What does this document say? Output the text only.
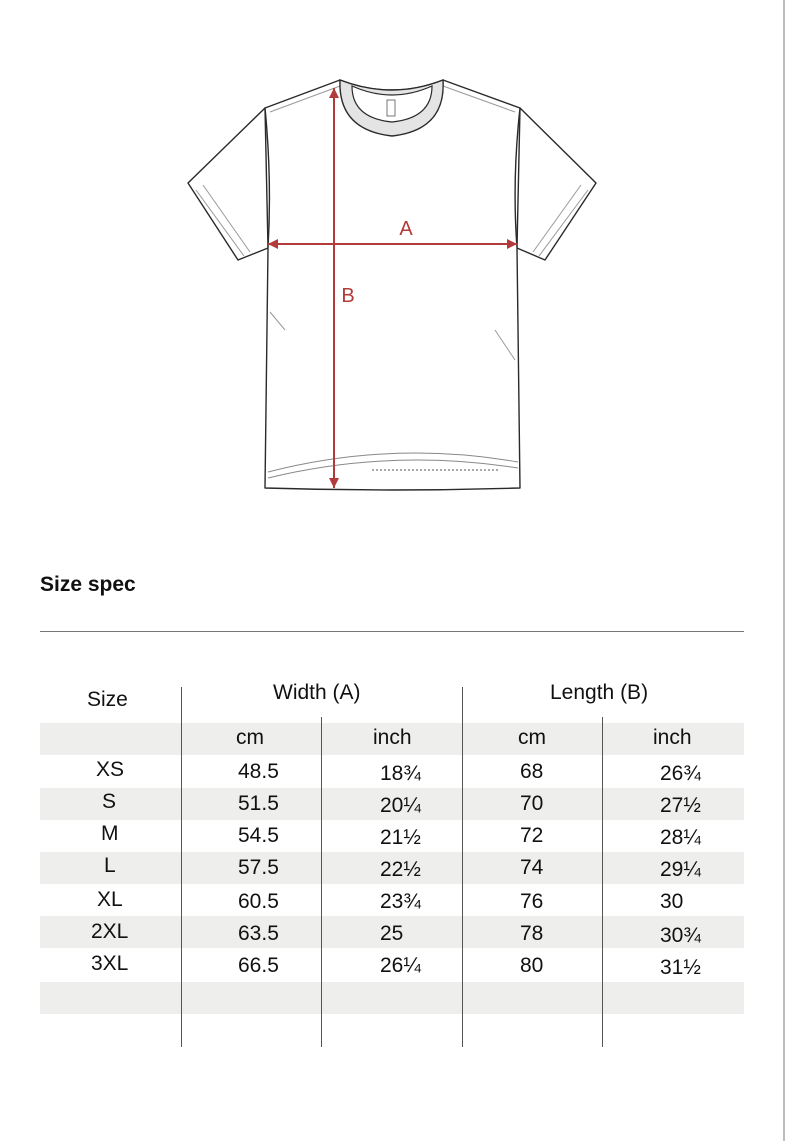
A
B
Size spec
Size	Width (A)	Length (B)
cm	inch	cm	inch
XS	48.5	18¾	68	26¾
S	51.5	20¼	70	27½
M	54.5	21½	72	28¼
L	57.5	22½	74	29¼
XL	60.5	23¾	76	30
2XL	63.5	25	78	30¾
3XL	66.5	26¼	80	31½
